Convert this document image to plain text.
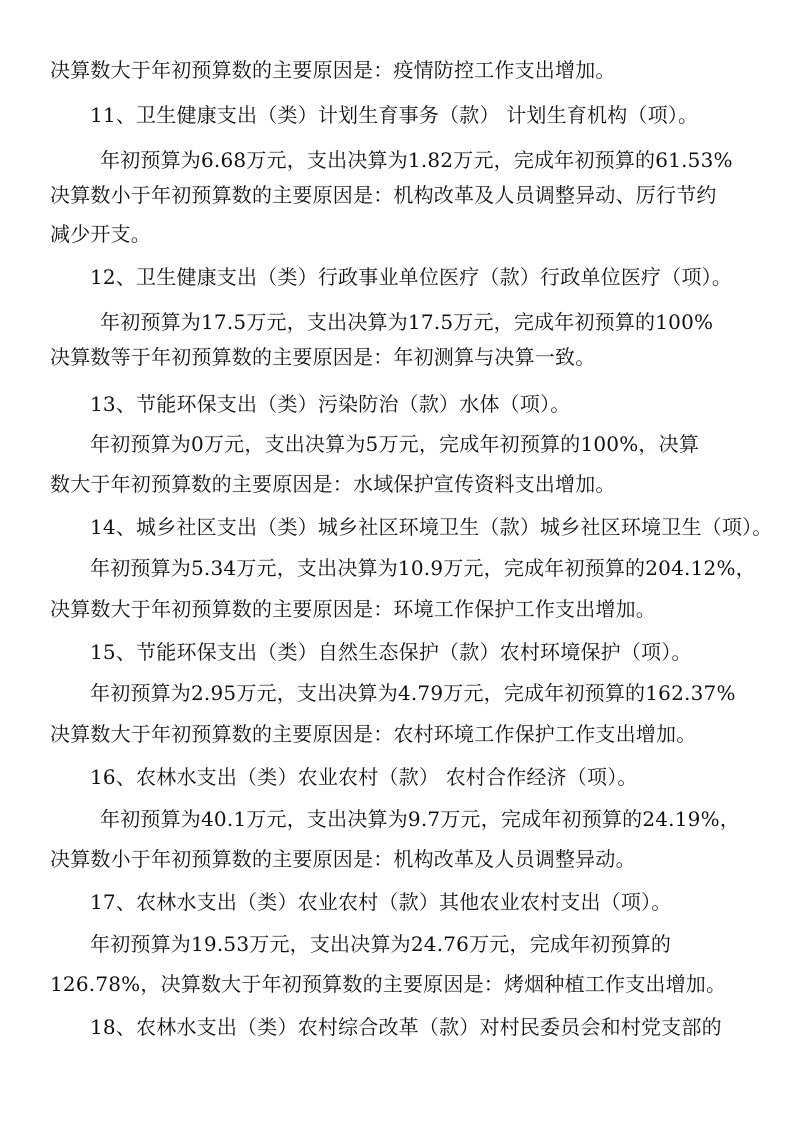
决算数大于年初预算数的主要原因是：疫情防控工作支出增加。
11、卫生健康支出（类）计划生育事务（款） 计划生育机构（项）。
年初预算为6.68万元，支出决算为1.82万元，完成年初预算的61.53%
决算数小于年初预算数的主要原因是：机构改革及人员调整异动、厉行节约
减少开支。
12、卫生健康支出（类）行政事业单位医疗（款）行政单位医疗（项）。
年初预算为17.5万元，支出决算为17.5万元，完成年初预算的100%
决算数等于年初预算数的主要原因是：年初测算与决算一致。
13、节能环保支出（类）污染防治（款）水体（项）。
年初预算为0万元，支出决算为5万元，完成年初预算的100%，决算
数大于年初预算数的主要原因是：水域保护宣传资料支出增加。
14、城乡社区支出（类）城乡社区环境卫生（款）城乡社区环境卫生（项）。
年初预算为5.34万元，支出决算为10.9万元，完成年初预算的204.12%，
决算数大于年初预算数的主要原因是：环境工作保护工作支出增加。
15、节能环保支出（类）自然生态保护（款）农村环境保护（项）。
年初预算为2.95万元，支出决算为4.79万元，完成年初预算的162.37%
决算数大于年初预算数的主要原因是：农村环境工作保护工作支出增加。
16、农林水支出（类）农业农村（款） 农村合作经济（项）。
年初预算为40.1万元，支出决算为9.7万元，完成年初预算的24.19%，
决算数小于年初预算数的主要原因是：机构改革及人员调整异动。
17、农林水支出（类）农业农村（款）其他农业农村支出（项）。
年初预算为19.53万元，支出决算为24.76万元，完成年初预算的
126.78%，决算数大于年初预算数的主要原因是：烤烟种植工作支出增加。
18、农林水支出（类）农村综合改革（款）对村民委员会和村党支部的
